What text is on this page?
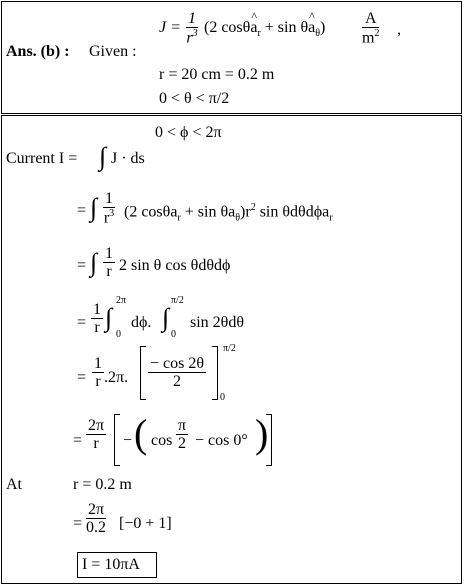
Ans. (b) : Given :
$J = \frac{1}{r^3} (2$ cosθ^ $a_r + \sin$ θ^ $a_\theta) \frac{A}{m^2}$ ,
r = 20 cm = 0.2 m
0 < θ < π/2
0 < ϕ < 2π
Current I = ∫ J · ds
= ∫ $\frac{1}{r^3} (2$ $\cos\theta a_r + \sin \theta a_\theta)r^2$ sin θdθdϕa$_r$
= ∫ $\frac{1}{r} 2$ sin θ cos θdθdϕ
= $\frac{1}{r}$ ∫
2π
0
dϕ. ∫
π/2
0
sin 2θdθ
= $\frac{1}{r} .2\pi$. $\frac{- \cos 2\theta}{2}$
π/2
0
= $\frac{2\pi}{r}$ − ( $\cos \frac{\pi}{2} - \cos 0^\circ$ )
At	r = 0.2 m
= $\frac{2\pi}{0.2} [-0 + 1]$
I = 10πA
